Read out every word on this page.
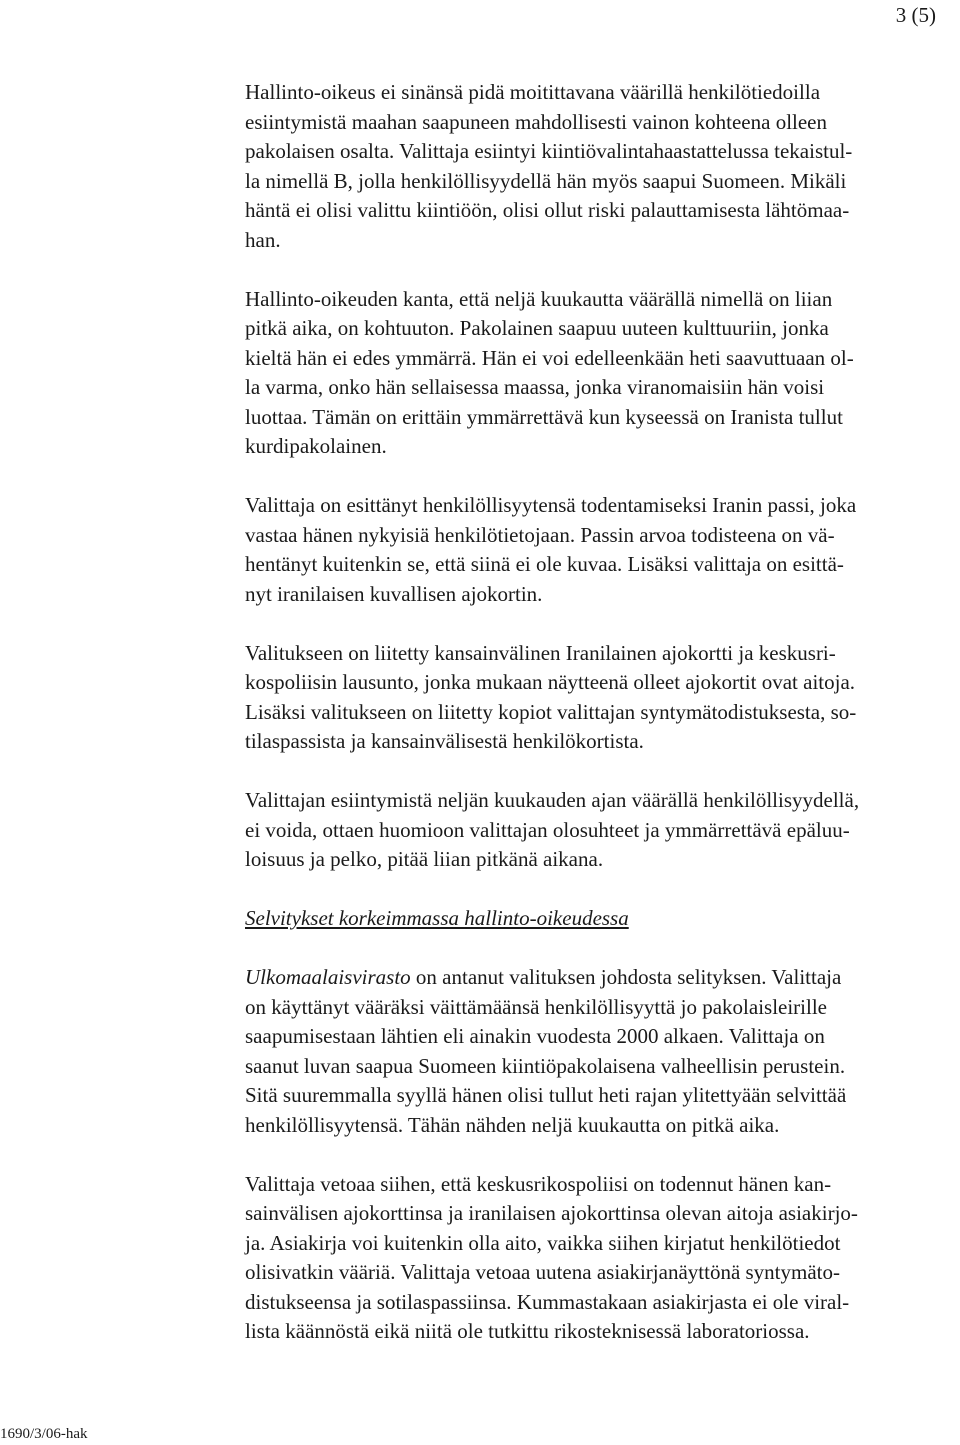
3 (5)

Hallinto-oikeus ei sinänsä pidä moitittavana väärillä henkilötiedoilla
esiintymistä maahan saapuneen mahdollisesti vainon kohteena olleen
pakolaisen osalta. Valittaja esiintyi kiintiövalintahaastattelussa tekaistul-
la nimellä B, jolla henkilöllisyydellä hän myös saapui Suomeen. Mikäli
häntä ei olisi valittu kiintiöön, olisi ollut riski palauttamisesta lähtömaa-
han.

Hallinto-oikeuden kanta, että neljä kuukautta väärällä nimellä on liian
pitkä aika, on kohtuuton. Pakolainen saapuu uuteen kulttuuriin, jonka
kieltä hän ei edes ymmärrä. Hän ei voi edelleenkään heti saavuttuaan ol-
la varma, onko hän sellaisessa maassa, jonka viranomaisiin hän voisi
luottaa. Tämän on erittäin ymmärrettävä kun kyseessä on Iranista tullut
kurdipakolainen.

Valittaja on esittänyt henkilöllisyytensä todentamiseksi Iranin passi, joka
vastaa hänen nykyisiä henkilötietojaan. Passin arvoa todisteena on vä-
hentänyt kuitenkin se, että siinä ei ole kuvaa. Lisäksi valittaja on esittä-
nyt iranilaisen kuvallisen ajokortin.

Valitukseen on liitetty kansainvälinen Iranilainen ajokortti ja keskusri-
kospoliisin lausunto, jonka mukaan näytteenä olleet ajokortit ovat aitoja.
Lisäksi valitukseen on liitetty kopiot valittajan syntymätodistuksesta, so-
tilaspassista ja kansainvälisestä henkilökortista.

Valittajan esiintymistä neljän kuukauden ajan väärällä henkilöllisyydellä,
ei voida, ottaen huomioon valittajan olosuhteet ja ymmärrettävä epäluu-
loisuus ja pelko, pitää liian pitkänä aikana.

Selvitykset korkeimmassa hallinto-oikeudessa

Ulkomaalaisvirasto on antanut valituksen johdosta selityksen. Valittaja
on käyttänyt vääräksi väittämäänsä henkilöllisyyttä jo pakolaisleirille
saapumisestaan lähtien eli ainakin vuodesta 2000 alkaen. Valittaja on
saanut luvan saapua Suomeen kiintiöpakolaisena valheellisin perustein.
Sitä suuremmalla syyllä hänen olisi tullut heti rajan ylitettyään selvittää
henkilöllisyytensä. Tähän nähden neljä kuukautta on pitkä aika.

Valittaja vetoaa siihen, että keskusrikospoliisi on todennut hänen kan-
sainvälisen ajokorttinsa ja iranilaisen ajokorttinsa olevan aitoja asiakirjo-
ja. Asiakirja voi kuitenkin olla aito, vaikka siihen kirjatut henkilötiedot
olisivatkin vääriä. Valittaja vetoaa uutena asiakirjanäyttönä syntymäto-
distukseensa ja sotilaspassiinsa. Kummastakaan asiakirjasta ei ole viral-
lista käännöstä eikä niitä ole tutkittu rikosteknisessä laboratoriossa.

1690/3/06-hak
